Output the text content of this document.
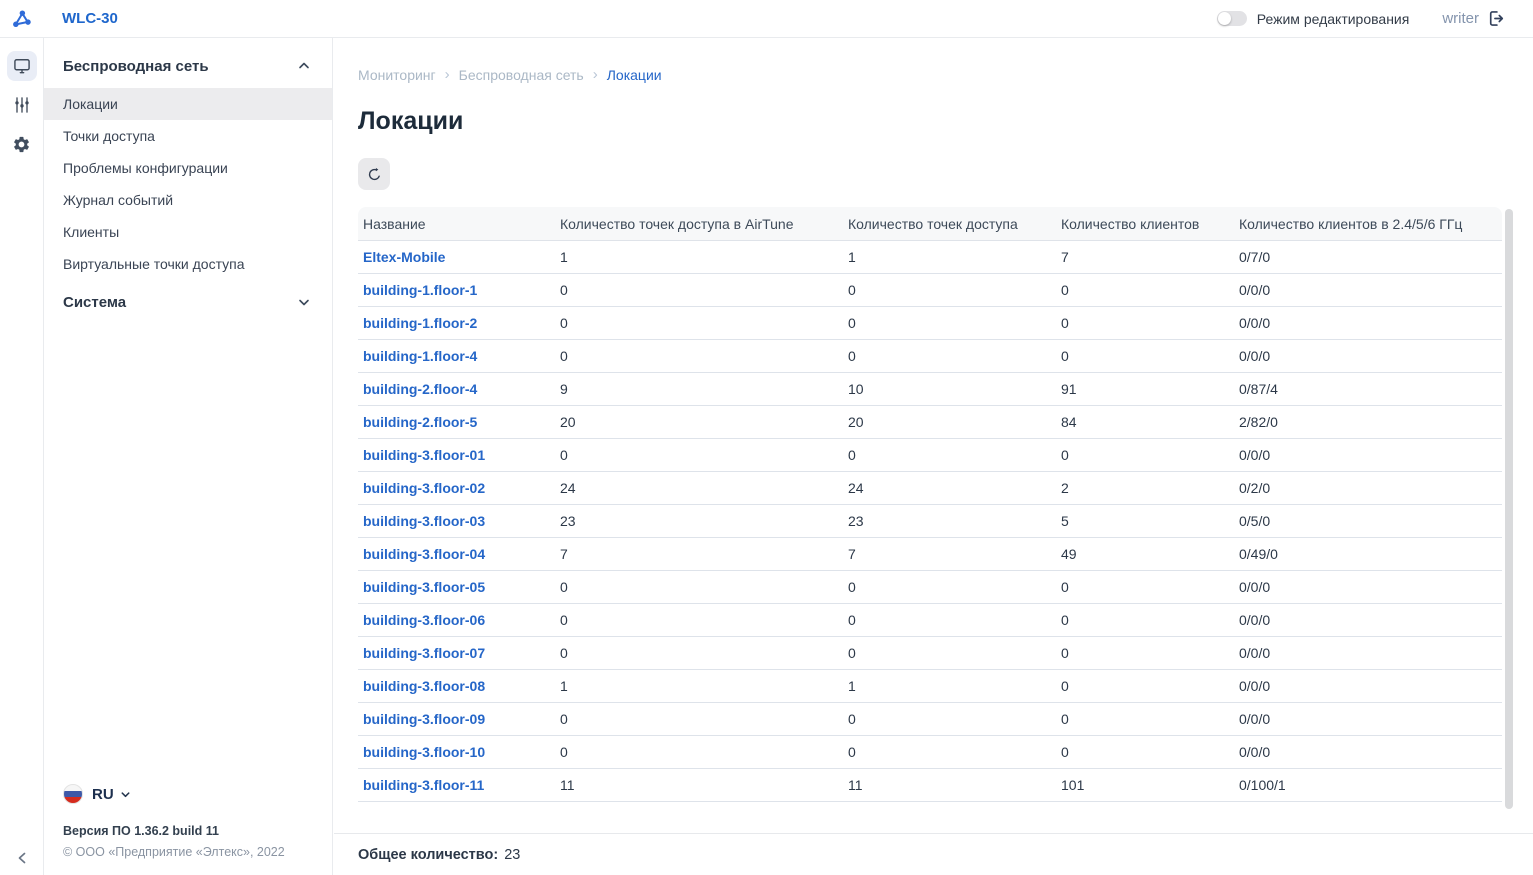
WLC-30	Режим редактирования writer
Беспроводная сеть
Локации
Точки доступа
Проблемы конфигурации
Журнал событий
Клиенты
Виртуальные точки доступа
Система
RU
Версия ПО 1.36.2 build 11
© ООО «Предприятие «Элтекс», 2022
Мониторинг › Беспроводная сеть › Локации
Локации
Название	Количество точек доступа в AirTune	Количество точек доступа	Количество клиентов	Количество клиентов в 2.4/5/6 ГГц
Eltex-Mobile	1	1	7	0/7/0
building-1.floor-1	0	0	0	0/0/0
building-1.floor-2	0	0	0	0/0/0
building-1.floor-4	0	0	0	0/0/0
building-2.floor-4	9	10	91	0/87/4
building-2.floor-5	20	20	84	2/82/0
building-3.floor-01	0	0	0	0/0/0
building-3.floor-02	24	24	2	0/2/0
building-3.floor-03	23	23	5	0/5/0
building-3.floor-04	7	7	49	0/49/0
building-3.floor-05	0	0	0	0/0/0
building-3.floor-06	0	0	0	0/0/0
building-3.floor-07	0	0	0	0/0/0
building-3.floor-08	1	1	0	0/0/0
building-3.floor-09	0	0	0	0/0/0
building-3.floor-10	0	0	0	0/0/0
building-3.floor-11	11	11	101	0/100/1
Общее количество: 23
